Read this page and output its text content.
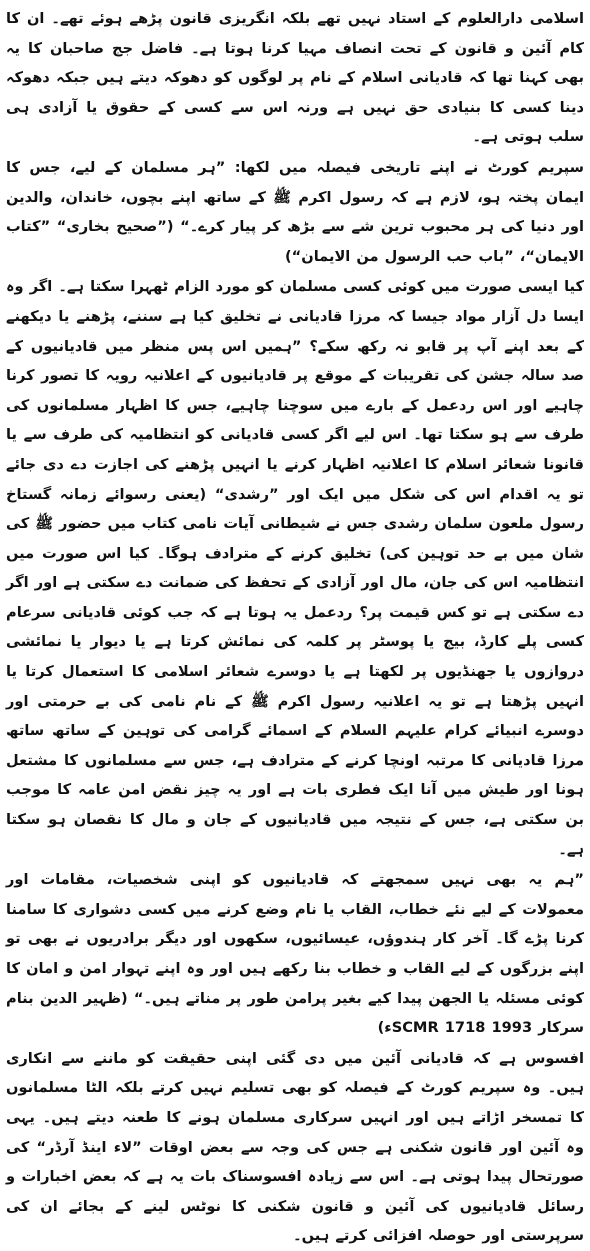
اسلامی دارالعلوم کے استاد نہیں تھے بلکہ انگریزی قانون پڑھے ہوئے تھے۔ ان کا کام آئین و قانون کے تحت انصاف مہیا کرنا ہوتا ہے۔ فاضل جج صاحبان کا یہ بھی کہنا تھا کہ قادیانی اسلام کے نام پر لوگوں کو دھوکہ دیتے ہیں جبکہ دھوکہ دینا کسی کا بنیادی حق نہیں ہے ورنہ اس سے کسی کے حقوق یا آزادی ہی سلب ہوتی ہے۔

سپریم کورٹ نے اپنے تاریخی فیصلہ میں لکھا: ”ہر مسلمان کے لیے، جس کا ایمان پختہ ہو، لازم ہے کہ رسول اکرم ﷺ کے ساتھ اپنے بچوں، خاندان، والدین اور دنیا کی ہر محبوب ترین شے سے بڑھ کر پیار کرے۔“ (”صحیح بخاری“ ”کتاب الایمان“، ”باب حب الرسول من الایمان“)

کیا ایسی صورت میں کوئی کسی مسلمان کو مورد الزام ٹھہرا سکتا ہے۔ اگر وہ ایسا دل آزار مواد جیسا کہ مرزا قادیانی نے تخلیق کیا ہے سننے، پڑھنے یا دیکھنے کے بعد اپنے آپ پر قابو نہ رکھ سکے؟ ”ہمیں اس پس منظر میں قادیانیوں کے صد سالہ جشن کی تقریبات کے موقع پر قادیانیوں کے اعلانیہ رویہ کا تصور کرنا چاہیے اور اس ردعمل کے بارے میں سوچنا چاہیے، جس کا اظہار مسلمانوں کی طرف سے ہو سکتا تھا۔ اس لیے اگر کسی قادیانی کو انتظامیہ کی طرف سے یا قانونا شعائر اسلام کا اعلانیہ اظہار کرنے یا انہیں پڑھنے کی اجازت دے دی جائے تو یہ اقدام اس کی شکل میں ایک اور ”رشدی“ (یعنی رسوائے زمانہ گستاخ رسول ملعون سلمان رشدی جس نے شیطانی آیات نامی کتاب میں حضور ﷺ کی شان میں بے حد توہین کی) تخلیق کرنے کے مترادف ہوگا۔ کیا اس صورت میں انتظامیہ اس کی جان، مال اور آزادی کے تحفظ کی ضمانت دے سکتی ہے اور اگر دے سکتی ہے تو کس قیمت پر؟ ردعمل یہ ہوتا ہے کہ جب کوئی قادیانی سرعام کسی پلے کارڈ، بیج یا پوسٹر پر کلمہ کی نمائش کرتا ہے یا دیوار یا نمائشی دروازوں یا جھنڈیوں پر لکھتا ہے یا دوسرے شعائر اسلامی کا استعمال کرتا یا انہیں پڑھتا ہے تو یہ اعلانیہ رسول اکرم ﷺ کے نام نامی کی بے حرمتی اور دوسرے انبیائے کرام علیہم السلام کے اسمائے گرامی کی توہین کے ساتھ ساتھ مرزا قادیانی کا مرتبہ اونچا کرنے کے مترادف ہے، جس سے مسلمانوں کا مشتعل ہونا اور طیش میں آنا ایک فطری بات ہے اور یہ چیز نقض امن عامہ کا موجب بن سکتی ہے، جس کے نتیجہ میں قادیانیوں کے جان و مال کا نقصان ہو سکتا ہے۔

”ہم یہ بھی نہیں سمجھتے کہ قادیانیوں کو اپنی شخصیات، مقامات اور معمولات کے لیے نئے خطاب، القاب یا نام وضع کرنے میں کسی دشواری کا سامنا کرنا پڑے گا۔ آخر کار ہندوؤں، عیسائیوں، سکھوں اور دیگر برادریوں نے بھی تو اپنے بزرگوں کے لیے القاب و خطاب بنا رکھے ہیں اور وہ اپنے تہوار امن و امان کا کوئی مسئلہ یا الجھن پیدا کیے بغیر پرامن طور پر مناتے ہیں۔“ (ظہیر الدین بنام سرکار 1993 SCMR 1718ء)

افسوس ہے کہ قادیانی آئین میں دی گئی اپنی حقیقت کو ماننے سے انکاری ہیں۔ وہ سپریم کورٹ کے فیصلہ کو بھی تسلیم نہیں کرتے بلکہ الٹا مسلمانوں کا تمسخر اڑاتے ہیں اور انہیں سرکاری مسلمان ہونے کا طعنہ دیتے ہیں۔ یہی وہ آئین اور قانون شکنی ہے جس کی وجہ سے بعض اوقات ”لاء اینڈ آرڈر“ کی صورتحال پیدا ہوتی ہے۔ اس سے زیادہ افسوسناک بات یہ ہے کہ بعض اخبارات و رسائل قادیانیوں کی آئین و قانون شکنی کا نوٹس لینے کے بجائے ان کی سرپرستی اور حوصلہ افزائی کرتے ہیں۔
